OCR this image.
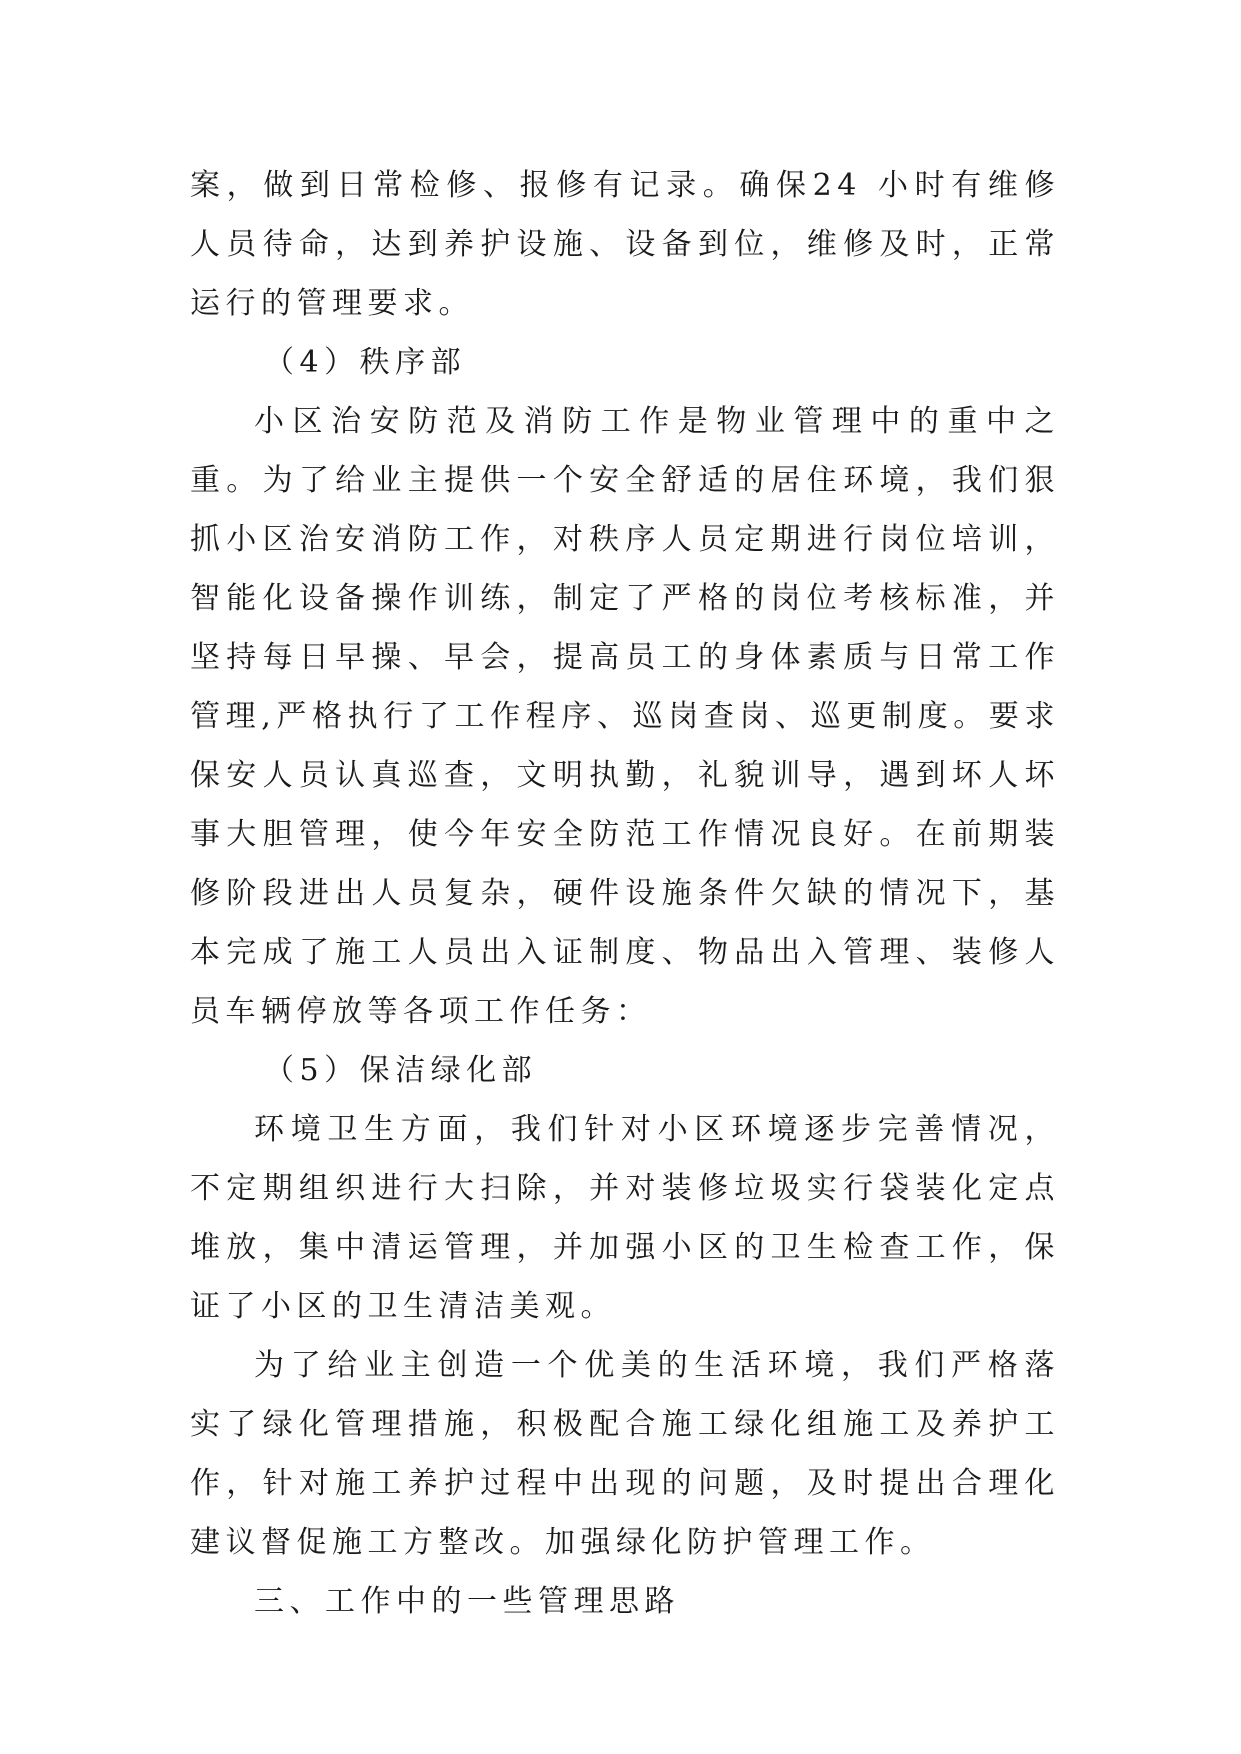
案，做到日常检修、报修有记录。确保24 小时有维修人员待命，达到养护设施、设备到位，维修及时，正常运行的管理要求。

（4）秩序部

小区治安防范及消防工作是物业管理中的重中之重。为了给业主提供一个安全舒适的居住环境，我们狠抓小区治安消防工作，对秩序人员定期进行岗位培训，智能化设备操作训练，制定了严格的岗位考核标准，并坚持每日早操、早会，提高员工的身体素质与日常工作管理,严格执行了工作程序、巡岗查岗、巡更制度。要求保安人员认真巡查，文明执勤，礼貌训导，遇到坏人坏事大胆管理，使今年安全防范工作情况良好。在前期装修阶段进出人员复杂，硬件设施条件欠缺的情况下，基本完成了施工人员出入证制度、物品出入管理、装修人员车辆停放等各项工作任务：

（5）保洁绿化部

环境卫生方面，我们针对小区环境逐步完善情况，不定期组织进行大扫除，并对装修垃圾实行袋装化定点堆放，集中清运管理，并加强小区的卫生检查工作，保证了小区的卫生清洁美观。

为了给业主创造一个优美的生活环境，我们严格落实了绿化管理措施，积极配合施工绿化组施工及养护工作，针对施工养护过程中出现的问题，及时提出合理化建议督促施工方整改。加强绿化防护管理工作。

三、工作中的一些管理思路
